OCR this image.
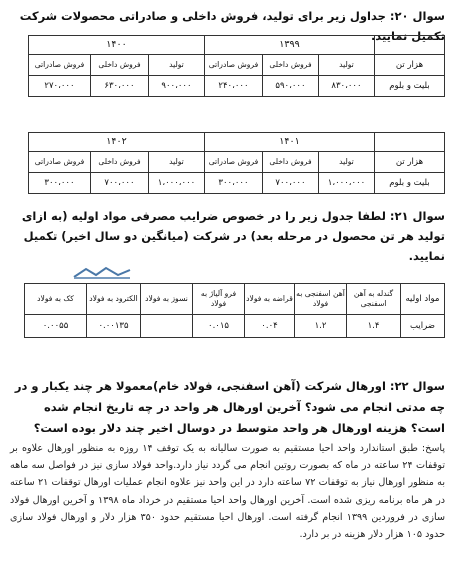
سوال ۲۰: جداول زیر برای تولید، فروش داخلی و صادراتی محصولات شرکت تکمیل نمایید.
	۱۳۹۹			۱۴۰۰		
هزار تن	تولید	فروش داخلی	فروش صادراتی	تولید	فروش داخلی	فروش صادراتی
بلیت و بلوم	۸۳۰،۰۰۰	۵۹۰،۰۰۰	۲۴۰،۰۰۰	۹۰۰،۰۰۰	۶۳۰،۰۰۰	۲۷۰،۰۰۰
	۱۴۰۱			۱۴۰۲		
هزار تن	تولید	فروش داخلی	فروش صادراتی	تولید	فروش داخلی	فروش صادراتی
بلیت و بلوم	۱،۰۰۰،۰۰۰	۷۰۰،۰۰۰	۳۰۰،۰۰۰	۱،۰۰۰،۰۰۰	۷۰۰،۰۰۰	۳۰۰،۰۰۰
سوال ۲۱: لطفا جدول زیر را در خصوص ضرایب مصرفی مواد اولیه (به ازای تولید هر تن محصول در مرحله بعد) در شرکت (میانگین دو سال اخیر) تکمیل نمایید.
مواد اولیه	گندله به آهن اسفنجی	آهن اسفنجی به فولاد	قراضه به فولاد	فرو آلیاژ به فولاد	نسوز به فولاد	الکترود به فولاد	کک به فولاد
ضرایب	۱.۴	۱.۲	۰.۰۴	۰.۰۱۵		۰.۰۰۱۳۵	۰.۰۰۵۵
سوال ۲۲: اورهال شرکت (آهن اسفنجی، فولاد خام)معمولا هر چند یکبار و در چه مدتی انجام می شود؟ آخرین اورهال هر واحد در چه تاریخ انجام شده است؟ هزینه اورهال هر واحد متوسط در دوسال اخیر چند دلار بوده است؟
پاسخ: طبق استاندارد واحد احیا مستقیم به صورت سالیانه به یک توقف ۱۴ روزه به منظور اورهال علاوه بر توقفات ۲۴ ساعته در ماه که بصورت روتین انجام می گردد نیاز دارد.واحد فولاد سازی نیز در فواصل سه ماهه به منظور اورهال نیاز به توقفات ۷۲ ساعته دارد در این واحد نیز علاوه انجام عملیات اورهال توقفات ۲۱ ساعته در هر ماه برنامه ریزی شده است. آخرین اورهال واحد احیا مستقیم در خرداد ماه ۱۳۹۸ و آخرین اورهال فولاد سازی در فروردین ۱۳۹۹ انجام گرفته است. اورهال احیا مستقیم حدود ۳۵۰ هزار دلار و اورهال فولاد سازی حدود ۱۰۵ هزار دلار هزینه در بر دارد.
